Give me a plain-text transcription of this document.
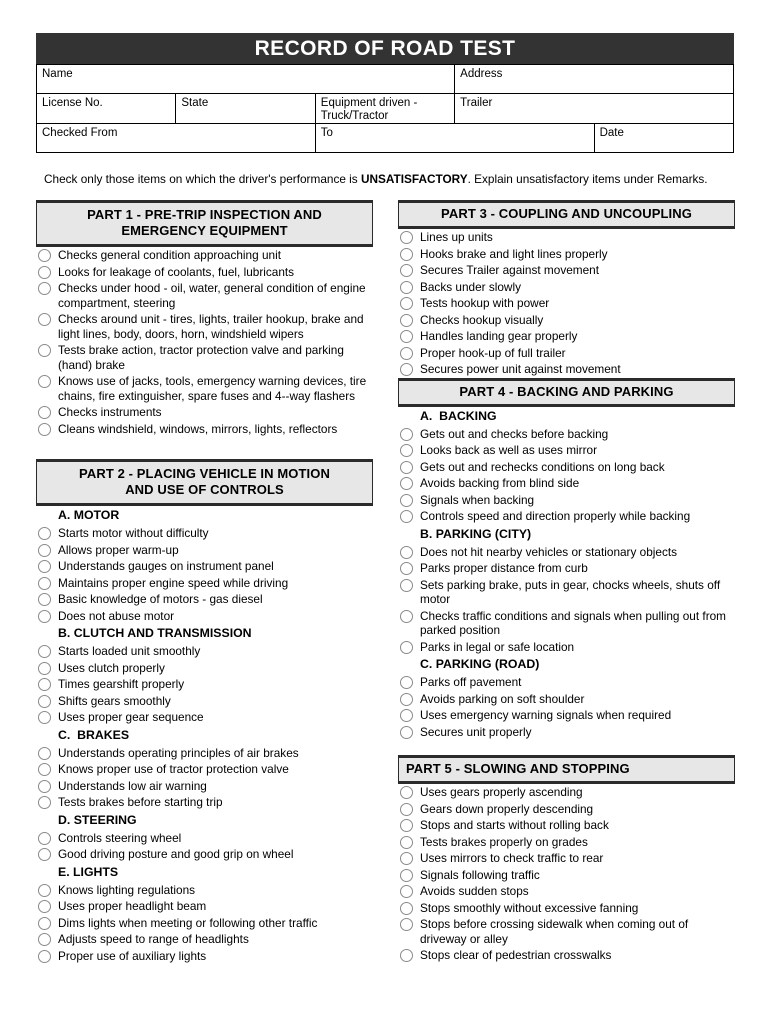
RECORD OF ROAD TEST
Name			Address	
License No.	State	Equipment driven -Truck/Tractor	Trailer	
Checked From		To		Date
Check only those items on which the driver's performance is UNSATISFACTORY. Explain unsatisfactory items under Remarks.
PART 1 - PRE-TRIP INSPECTION AND
EMERGENCY EQUIPMENT
Checks general condition approaching unit
Looks for leakage of coolants, fuel, lubricants
Checks under hood - oil, water, general condition of engine compartment, steering
Checks around unit - tires, lights, trailer hookup, brake and light lines, body, doors, horn, windshield wipers
Tests brake action, tractor protection valve and parking (hand) brake
Knows use of jacks, tools, emergency warning devices, tire chains, fire extinguisher, spare fuses and 4--way flashers
Checks instruments
Cleans windshield, windows, mirrors, lights, reflectors
PART 2 - PLACING VEHICLE IN MOTION
AND USE OF CONTROLS
A. MOTOR
Starts motor without difficulty
Allows proper warm-up
Understands gauges on instrument panel
Maintains proper engine speed while driving
Basic knowledge of motors - gas diesel
Does not abuse motor
B. CLUTCH AND TRANSMISSION
Starts loaded unit smoothly
Uses clutch properly
Times gearshift properly
Shifts gears smoothly
Uses proper gear sequence
C.  BRAKES
Understands operating principles of air brakes
Knows proper use of tractor protection valve
Understands low air warning
Tests brakes before starting trip
D. STEERING
Controls steering wheel
Good driving posture and good grip on wheel
E. LIGHTS
Knows lighting regulations
Uses proper headlight beam
Dims lights when meeting or following other traffic
Adjusts speed to range of headlights
Proper use of auxiliary lights
PART 3 - COUPLING AND UNCOUPLING
Lines up units
Hooks brake and light lines properly
Secures Trailer against movement
Backs under slowly
Tests hookup with power
Checks hookup visually
Handles landing gear properly
Proper hook-up of full trailer
Secures power unit against movement
PART 4 - BACKING AND PARKING
A.  BACKING
Gets out and checks before backing
Looks back as well as uses mirror
Gets out and rechecks conditions on long back
Avoids backing from blind side
Signals when backing
Controls speed and direction properly while backing
B. PARKING (CITY)
Does not hit nearby vehicles or stationary objects
Parks proper distance from curb
Sets parking brake, puts in gear, chocks wheels, shuts off motor
Checks traffic conditions and signals when pulling out from parked position
Parks in legal or safe location
C. PARKING (ROAD)
Parks off pavement
Avoids parking on soft shoulder
Uses emergency warning signals when required
Secures unit properly
PART 5 - SLOWING AND STOPPING
Uses gears properly ascending
Gears down properly descending
Stops and starts without rolling back
Tests brakes properly on grades
Uses mirrors to check traffic to rear
Signals following traffic
Avoids sudden stops
Stops smoothly without excessive fanning
Stops before crossing sidewalk when coming out of driveway or alley
Stops clear of pedestrian crosswalks
